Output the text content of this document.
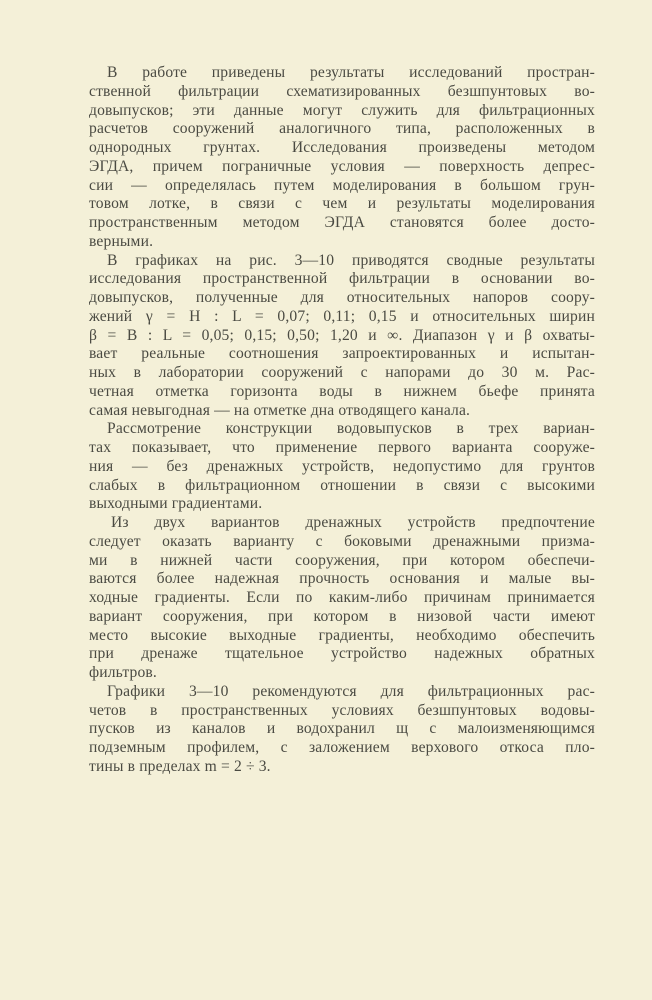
В работе приведены результаты исследований простран-
ственной фильтрации схематизированных безшпунтовых во-
довыпусков; эти данные могут служить для фильтрационных
расчетов сооружений аналогичного типа, расположенных в
однородных грунтах. Исследования произведены методом
ЭГДА, причем пограничные условия — поверхность депрес-
сии — определялась путем моделирования в большом грун-
товом лотке, в связи с чем и результаты моделирования
пространственным методом ЭГДА становятся более досто-
верными.
В графиках на рис. 3—10 приводятся сводные результаты
исследования пространственной фильтрации в основании во-
довыпусков, полученные для относительных напоров соору-
жений γ = H : L = 0,07; 0,11; 0,15 и относительных ширин
β = B : L = 0,05; 0,15; 0,50; 1,20 и ∞. Диапазон γ и β охваты-
вает реальные соотношения запроектированных и испытан-
ных в лаборатории сооружений с напорами до 30 м. Рас-
четная отметка горизонта воды в нижнем бьефе принята
самая невыгодная — на отметке дна отводящего канала.
Рассмотрение конструкции водовыпусков в трех вариан-
тах показывает, что применение первого варианта сооруже-
ния — без дренажных устройств, недопустимо для грунтов
слабых в фильтрационном отношении в связи с высокими
выходными градиентами.
Из двух вариантов дренажных устройств предпочтение
следует оказать варианту с боковыми дренажными призма-
ми в нижней части сооружения, при котором обеспечи-
ваются более надежная прочность основания и малые вы-
ходные градиенты. Если по каким-либо причинам принимается
вариант сооружения, при котором в низовой части имеют
место высокие выходные градиенты, необходимо обеспечить
при дренаже тщательное устройство надежных обратных
фильтров.
Графики 3—10 рекомендуются для фильтрационных рас-
четов в пространственных условиях безшпунтовых водовы-
пусков из каналов и водохранил щ с малоизменяющимся
подземным профилем, с заложением верхового откоса пло-
тины в пределах m = 2 ÷ 3.
